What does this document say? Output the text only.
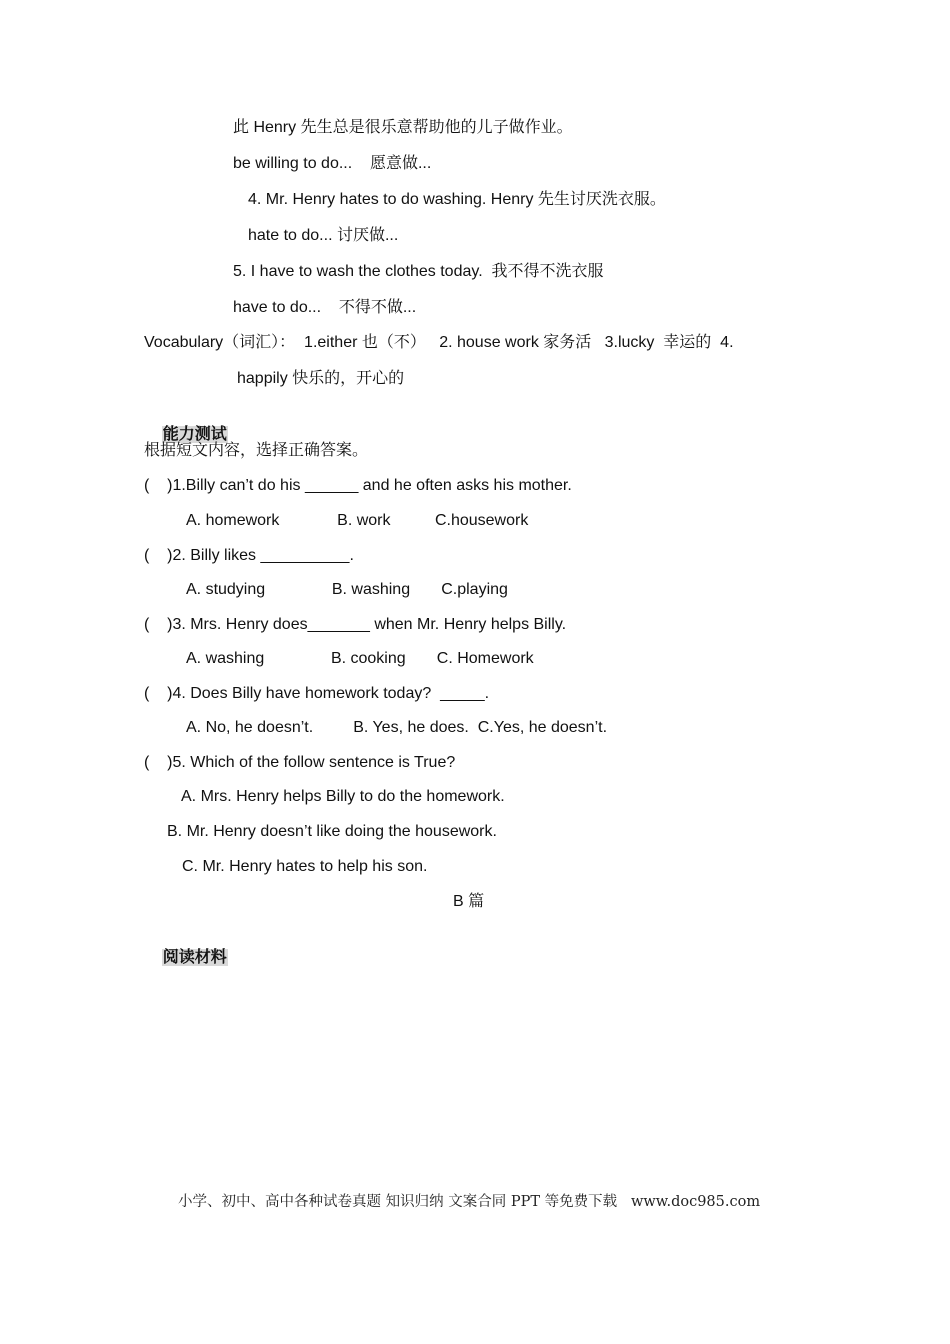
此 Henry 先生总是很乐意帮助他的儿子做作业。
be willing to do...    愿意做...
4. Mr. Henry hates to do washing. Henry 先生讨厌洗衣服。
hate to do... 讨厌做...
5. I have to wash the clothes today.  我不得不洗衣服
have to do...    不得不做...
Vocabulary（词汇）：  1.either 也（不）   2. house work 家务活   3.lucky  幸运的  4.
happily 快乐的，开心的

能力测试

根据短文内容，选择正确答案。
(    )1.Billy can’t do his ______ and he often asks his mother.
A. homework             B. work          C.housework
(    )2. Billy likes __________.
A. studying               B. washing       C.playing
(    )3. Mrs. Henry does_______ when Mr. Henry helps Billy.
A. washing               B. cooking       C. Homework
(    )4. Does Billy have homework today?  _____.
A. No, he doesn’t.         B. Yes, he does.  C.Yes, he doesn’t.
(    )5. Which of the follow sentence is True?
A. Mrs. Henry helps Billy to do the homework.
B. Mr. Henry doesn’t like doing the housework.
C. Mr. Henry hates to help his son.
B 篇

阅读材料

小学、初中、高中各种试卷真题 知识归纳 文案合同 PPT 等免费下载   www.doc985.com
